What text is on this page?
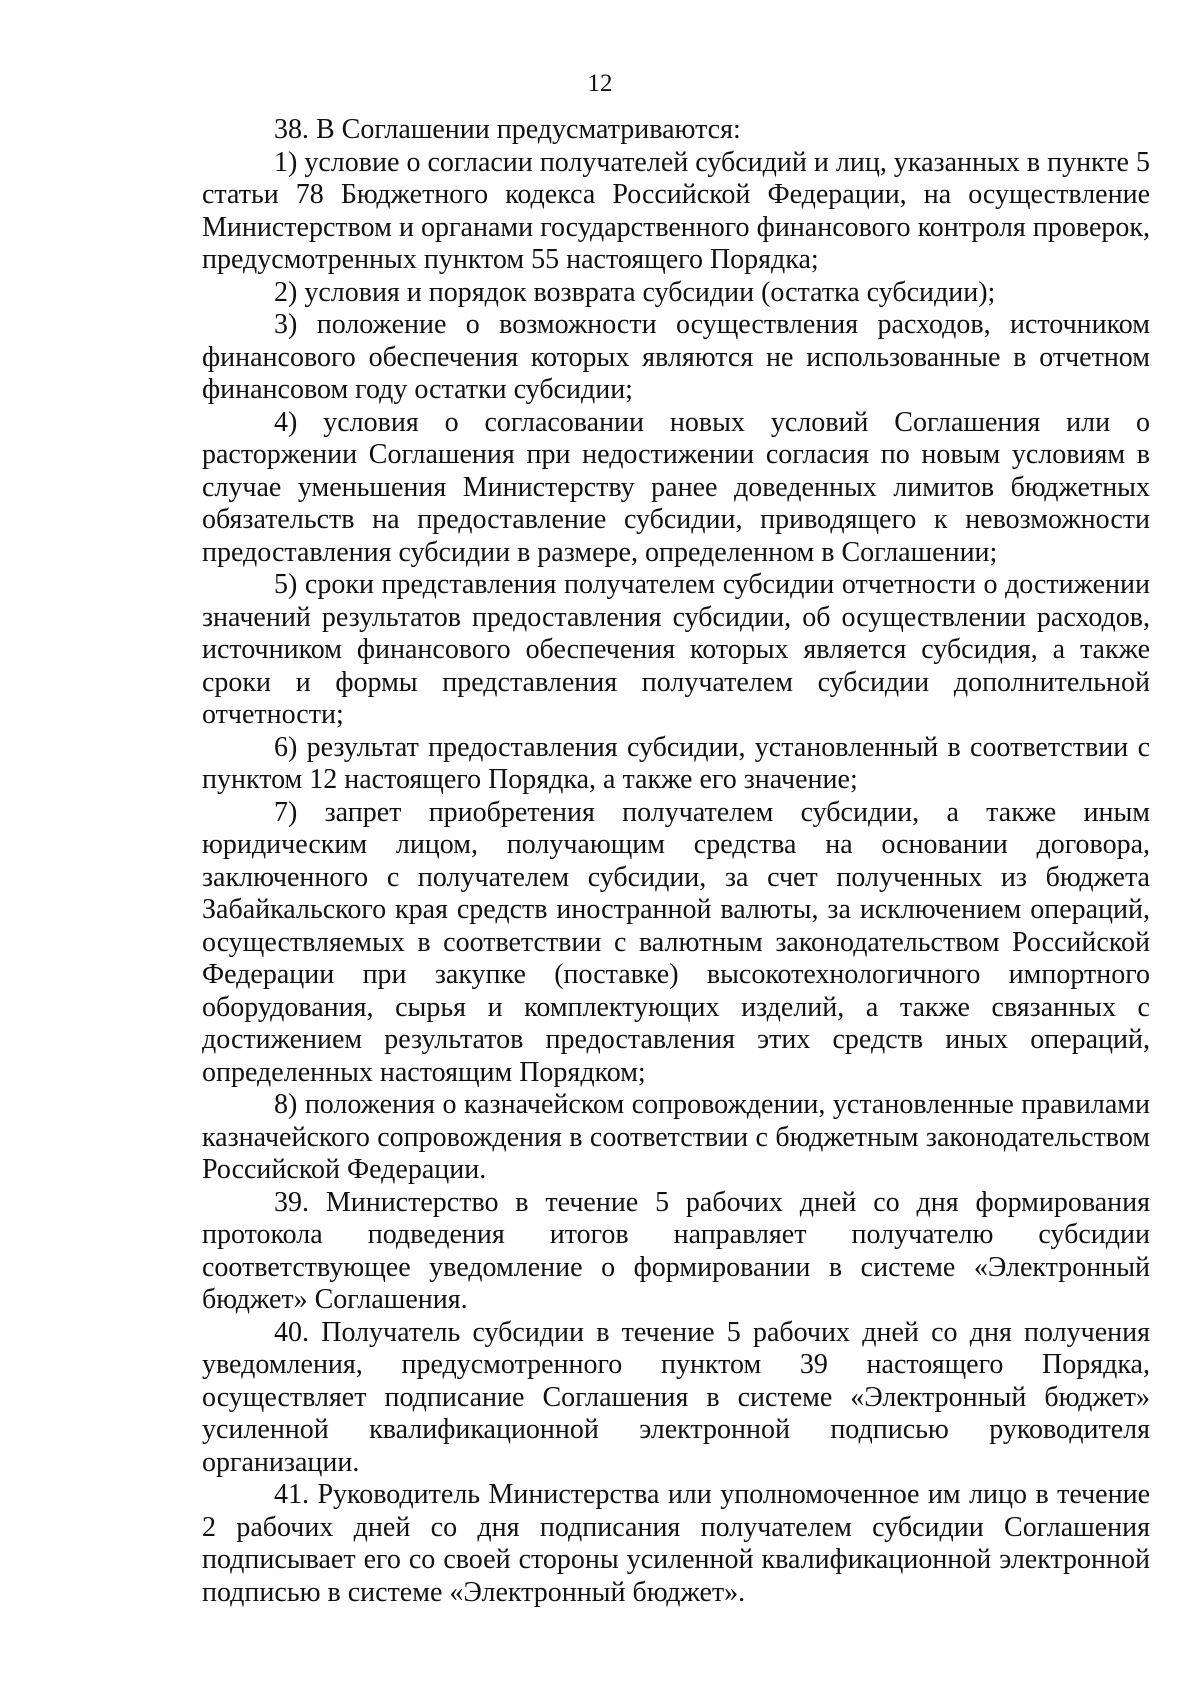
12

38. В Соглашении предусматриваются:

1) условие о согласии получателей субсидий и лиц, указанных в пункте 5 статьи 78 Бюджетного кодекса Российской Федерации, на осуществление Министерством и органами государственного финансового контроля проверок, предусмотренных пунктом 55 настоящего Порядка;

2) условия и порядок возврата субсидии (остатка субсидии);

3) положение о возможности осуществления расходов, источником финансового обеспечения которых являются не использованные в отчетном финансовом году остатки субсидии;

4) условия о согласовании новых условий Соглашения или о расторжении Соглашения при недостижении согласия по новым условиям в случае уменьшения Министерству ранее доведенных лимитов бюджетных обязательств на предоставление субсидии, приводящего к невозможности предоставления субсидии в размере, определенном в Соглашении;

5) сроки представления получателем субсидии отчетности о достижении значений результатов предоставления субсидии, об осуществлении расходов, источником финансового обеспечения которых является субсидия, а также сроки и формы представления получателем субсидии дополнительной отчетности;

6) результат предоставления субсидии, установленный в соответствии с пунктом 12 настоящего Порядка, а также его значение;

7) запрет приобретения получателем субсидии, а также иным юридическим лицом, получающим средства на основании договора, заключенного с получателем субсидии, за счет полученных из бюджета Забайкальского края средств иностранной валюты, за исключением операций, осуществляемых в соответствии с валютным законодательством Российской Федерации при закупке (поставке) высокотехнологичного импортного оборудования, сырья и комплектующих изделий, а также связанных с достижением результатов предоставления этих средств иных операций, определенных настоящим Порядком;

8) положения о казначейском сопровождении, установленные правилами казначейского сопровождения в соответствии с бюджетным законодательством Российской Федерации.

39. Министерство в течение 5 рабочих дней со дня формирования протокола подведения итогов направляет получателю субсидии соответствующее уведомление о формировании в системе «Электронный бюджет» Соглашения.

40. Получатель субсидии в течение 5 рабочих дней со дня получения уведомления, предусмотренного пунктом 39 настоящего Порядка, осуществляет подписание Соглашения в системе «Электронный бюджет» усиленной квалификационной электронной подписью руководителя организации.

41. Руководитель Министерства или уполномоченное им лицо в течение 2 рабочих дней со дня подписания получателем субсидии Соглашения подписывает его со своей стороны усиленной квалификационной электронной подписью в системе «Электронный бюджет».
